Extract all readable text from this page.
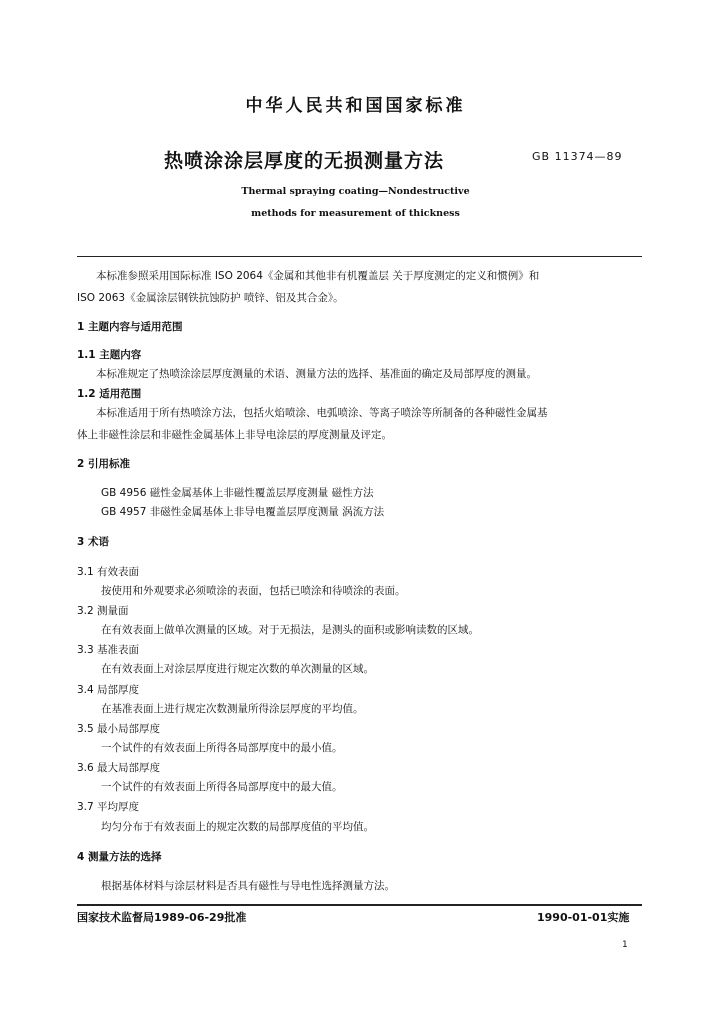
中华人民共和国国家标准
热喷涂涂层厚度的无损测量方法	GB 11374—89
Thermal spraying coating—Nondestructive
methods for measurement of thickness
本标准参照采用国际标准 ISO 2064《金属和其他非有机覆盖层 关于厚度测定的定义和惯例》和
ISO 2063《金属涂层钢铁抗蚀防护 喷锌、铝及其合金》。
1 主题内容与适用范围
1.1 主题内容
本标准规定了热喷涂涂层厚度测量的术语、测量方法的选择、基准面的确定及局部厚度的测量。
1.2 适用范围
本标准适用于所有热喷涂方法，包括火焰喷涂、电弧喷涂、等离子喷涂等所制备的各种磁性金属基
体上非磁性涂层和非磁性金属基体上非导电涂层的厚度测量及评定。
2 引用标准
GB 4956 磁性金属基体上非磁性覆盖层厚度测量 磁性方法
GB 4957 非磁性金属基体上非导电覆盖层厚度测量 涡流方法
3 术语
3.1 有效表面
按使用和外观要求必须喷涂的表面，包括已喷涂和待喷涂的表面。
3.2 测量面
在有效表面上做单次测量的区域。对于无损法，是测头的面积或影响读数的区域。
3.3 基准表面
在有效表面上对涂层厚度进行规定次数的单次测量的区域。
3.4 局部厚度
在基准表面上进行规定次数测量所得涂层厚度的平均值。
3.5 最小局部厚度
一个试件的有效表面上所得各局部厚度中的最小值。
3.6 最大局部厚度
一个试件的有效表面上所得各局部厚度中的最大值。
3.7 平均厚度
均匀分布于有效表面上的规定次数的局部厚度值的平均值。
4 测量方法的选择
根据基体材料与涂层材料是否具有磁性与导电性选择测量方法。
国家技术监督局1989-06-29批准	1990-01-01实施
1
